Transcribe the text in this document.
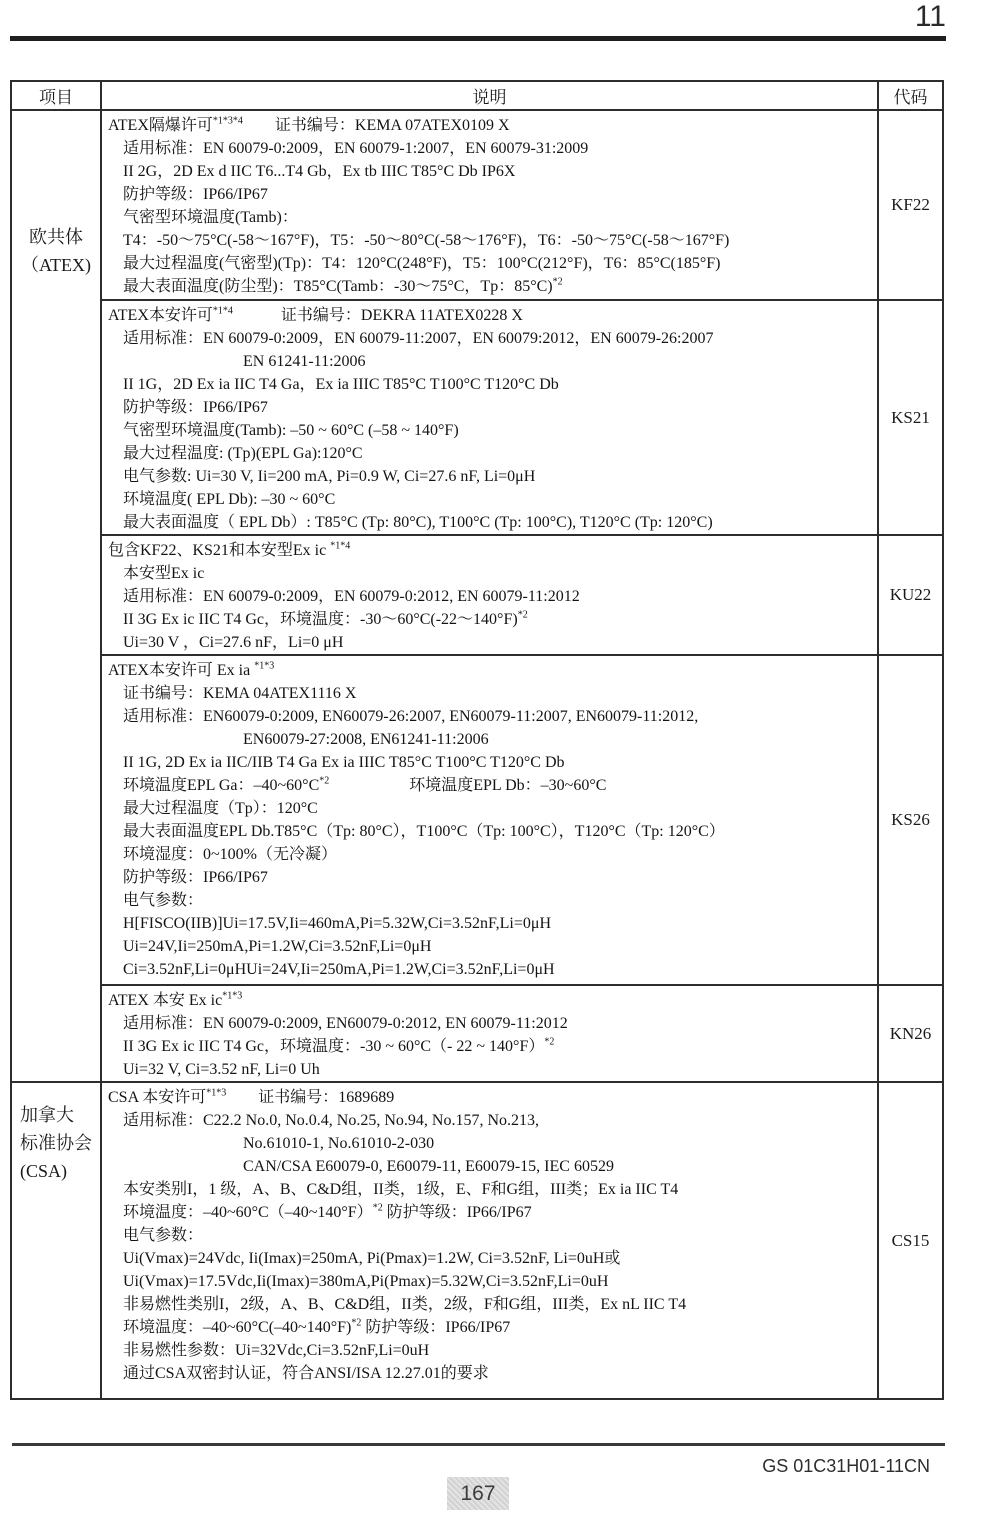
11
项目	说明	代码

欧共体
（ATEX)

ATEX隔爆许可$^{*1*3*4}$　　证书编号：KEMA 07ATEX0109 X
适用标准：EN 60079-0:2009，EN 60079-1:2007，EN 60079-31:2009
II 2G，2D Ex d IIC T6...T4 Gb，Ex tb IIIC T85°C Db IP6X
防护等级：IP66/IP67
气密型环境温度(Tamb)：
T4：-50～75°C(-58～167°F)，T5：-50～80°C(-58～176°F)，T6：-50～75°C(-58～167°F)
最大过程温度(气密型)(Tp)：T4：120°C(248°F)，T5：100°C(212°F)，T6：85°C(185°F)
最大表面温度(防尘型)：T85°C(Tamb：-30～75°C，Tp：85°C)$^{*2}$
	KF22

ATEX本安许可$^{*1*4}$　　　证书编号：DEKRA 11ATEX0228 X
适用标准：EN 60079-0:2009，EN 60079-11:2007，EN 60079:2012，EN 60079-26:2007
EN 61241-11:2006
II 1G，2D Ex ia IIC T4 Ga，Ex ia IIIC T85°C T100°C T120°C Db
防护等级：IP66/IP67
气密型环境温度(Tamb): –50 ~ 60°C (–58 ~ 140°F)
最大过程温度: (Tp)(EPL Ga):120°C
电气参数: Ui=30 V, Ii=200 mA, Pi=0.9 W, Ci=27.6 nF, Li=0μH
环境温度( EPL Db): –30 ~ 60°C
最大表面温度（ EPL Db）: T85°C (Tp: 80°C), T100°C (Tp: 100°C), T120°C (Tp: 120°C)
	KS21

	包含KF22、KS21和本安型Ex ic $^{*1*4}$
本安型Ex ic
适用标准：EN 60079-0:2009，EN 60079-0:2012, EN 60079-11:2012
II 3G Ex ic IIC T4 Gc，环境温度：-30～60°C(-22～140°F)$^{*2}$
Ui=30 V ，Ci=27.6 nF，Li=0 μH	KU22

ATEX本安许可 Ex ia $^{*1*3}$
证书编号：KEMA 04ATEX1116 X
适用标准：EN60079-0:2009, EN60079-26:2007, EN60079-11:2007, EN60079-11:2012,
EN60079-27:2008, EN61241-11:2006
II 1G, 2D Ex ia IIC/IIB T4 Ga Ex ia IIIC T85°C T100°C T120°C Db
环境温度EPL Ga：$-40\sim 60^\circ C^{*2}$　　　　　环境温度EPL Db：–30~60°C
最大过程温度（Tp）：120°C
最大表面温度EPL Db.T85°C（Tp: 80°C），T100°C（Tp: 100°C），T120°C（Tp: 120°C）
环境湿度：0~100%（无冷凝）
防护等级：IP66/IP67
电气参数：
H[FISCO(IIB)]Ui=17.5V,Ii=460mA,Pi=5.32W,Ci=3.52nF,Li=0μH
Ui=24V,Ii=250mA,Pi=1.2W,Ci=3.52nF,Li=0μH
Ci=3.52nF,Li=0μHUi=24V,Ii=250mA,Pi=1.2W,Ci=3.52nF,Li=0μH
	KS26

	ATEX 本安 Ex $ic^{*1*3}$
适用标准：EN 60079-0:2009, EN60079-0:2012, EN 60079-11:2012
II 3G Ex ic IIC T4 Gc，环境温度：-30 ~ 60°C（- 22 ~ 140°F）$^{*2}$
Ui=32 V, Ci=3.52 nF, Li=0 Uh	KN26

加拿大
标准协会
(CSA)

CSA 本安许可$^{*1*3}$　　证书编号：1689689
适用标准：C22.2 No.0, No.0.4, No.25, No.94, No.157, No.213,
No.61010-1, No.61010-2-030
CAN/CSA E60079-0, E60079-11, E60079-15, IEC 60529
本安类别I，1 级，A、B、C&D组，II类，1级，E、F和G组，III类；Ex ia IIC T4
环境温度：–40~60°C（–40~140°F）$^{*2}$ 防护等级：IP66/IP67
电气参数：
Ui(Vmax)=24Vdc, Ii(Imax)=250mA, Pi(Pmax)=1.2W, Ci=3.52nF, Li=0uH或
Ui(Vmax)=17.5Vdc,Ii(Imax)=380mA,Pi(Pmax)=5.32W,Ci=3.52nF,Li=0uH
非易燃性类别I，2级，A、B、C&D组，II类，2级，F和G组，III类，Ex nL IIC T4
环境温度：–40~60°C(–40~140°F)$^{*2}$ 防护等级：IP66/IP67
非易燃性参数：Ui=32Vdc,Ci=3.52nF,Li=0uH
通过CSA双密封认证，符合ANSI/ISA 12.27.01的要求
	CS15
GS 01C31H01-11CN
167
